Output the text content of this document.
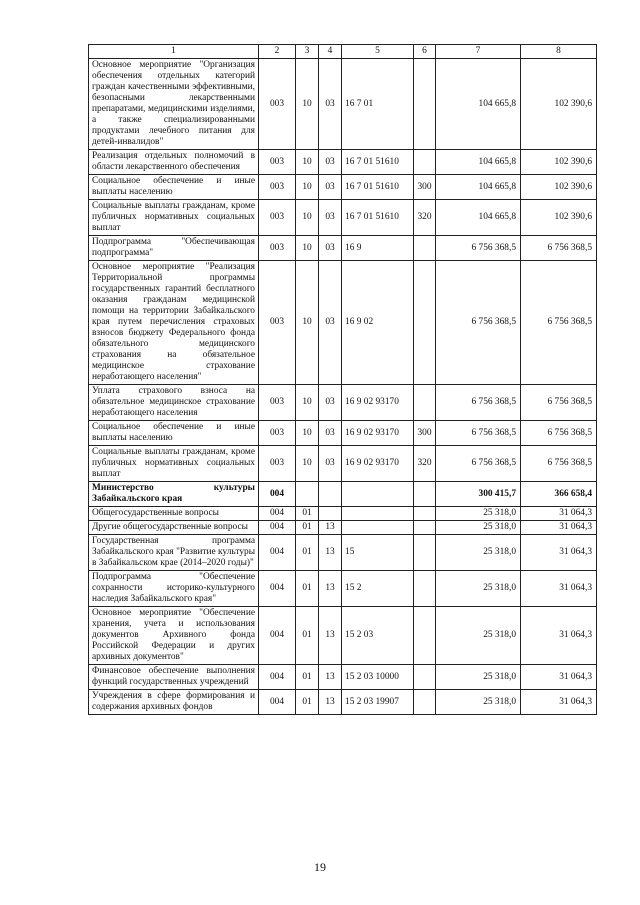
1	2	3	4	5	6	7	8
Основное мероприятие "Организация обеспечения отдельных категорий граждан качественными эффективными, безопасными лекарственными препаратами, медицинскими изделиями, а также специализированными продуктами лечебного питания для детей-инвалидов"	003	10	03	16 7 01		104 665,8	102 390,6
Реализация отдельных полномочий в области лекарственного обеспечения	003	10	03	16 7 01 51610		104 665,8	102 390,6
Социальное обеспечение и иные выплаты населению	003	10	03	16 7 01 51610	300	104 665,8	102 390,6
Социальные выплаты гражданам, кроме публичных нормативных социальных выплат	003	10	03	16 7 01 51610	320	104 665,8	102 390,6
Подпрограмма "Обеспечивающая подпрограмма"	003	10	03	16 9		6 756 368,5	6 756 368,5
Основное мероприятие "Реализация Территориальной программы государственных гарантий бесплатного оказания гражданам медицинской помощи на территории Забайкальского края путем перечисления страховых взносов бюджету Федерального фонда обязательного медицинского страхования на обязательное медицинское страхование неработающего населения"	003	10	03	16 9 02		6 756 368,5	6 756 368,5
Уплата страхового взноса на обязательное медицинское страхование неработающего населения	003	10	03	16 9 02 93170		6 756 368,5	6 756 368,5
Социальное обеспечение и иные выплаты населению	003	10	03	16 9 02 93170	300	6 756 368,5	6 756 368,5
Социальные выплаты гражданам, кроме публичных нормативных социальных выплат	003	10	03	16 9 02 93170	320	6 756 368,5	6 756 368,5
Министерство культуры Забайкальского края	004					300 415,7	366 658,4
Общегосударственные вопросы	004	01				25 318,0	31 064,3
Другие общегосударственные вопросы	004	01	13			25 318,0	31 064,3
Государственная программа Забайкальского края "Развитие культуры в Забайкальском крае (2014–2020 годы)"	004	01	13	15		25 318,0	31 064,3
Подпрограмма "Обеспечение сохранности историко-культурного наследия Забайкальского края"	004	01	13	15 2		25 318,0	31 064,3
Основное мероприятие "Обеспечение хранения, учета и использования документов Архивного фонда Российской Федерации и других архивных документов"	004	01	13	15 2 03		25 318,0	31 064,3
Финансовое обеспечение выполнения функций государственных учреждений	004	01	13	15 2 03 10000		25 318,0	31 064,3
Учреждения в сфере формирования и содержания архивных фондов	004	01	13	15 2 03 19907		25 318,0	31 064,3
19
